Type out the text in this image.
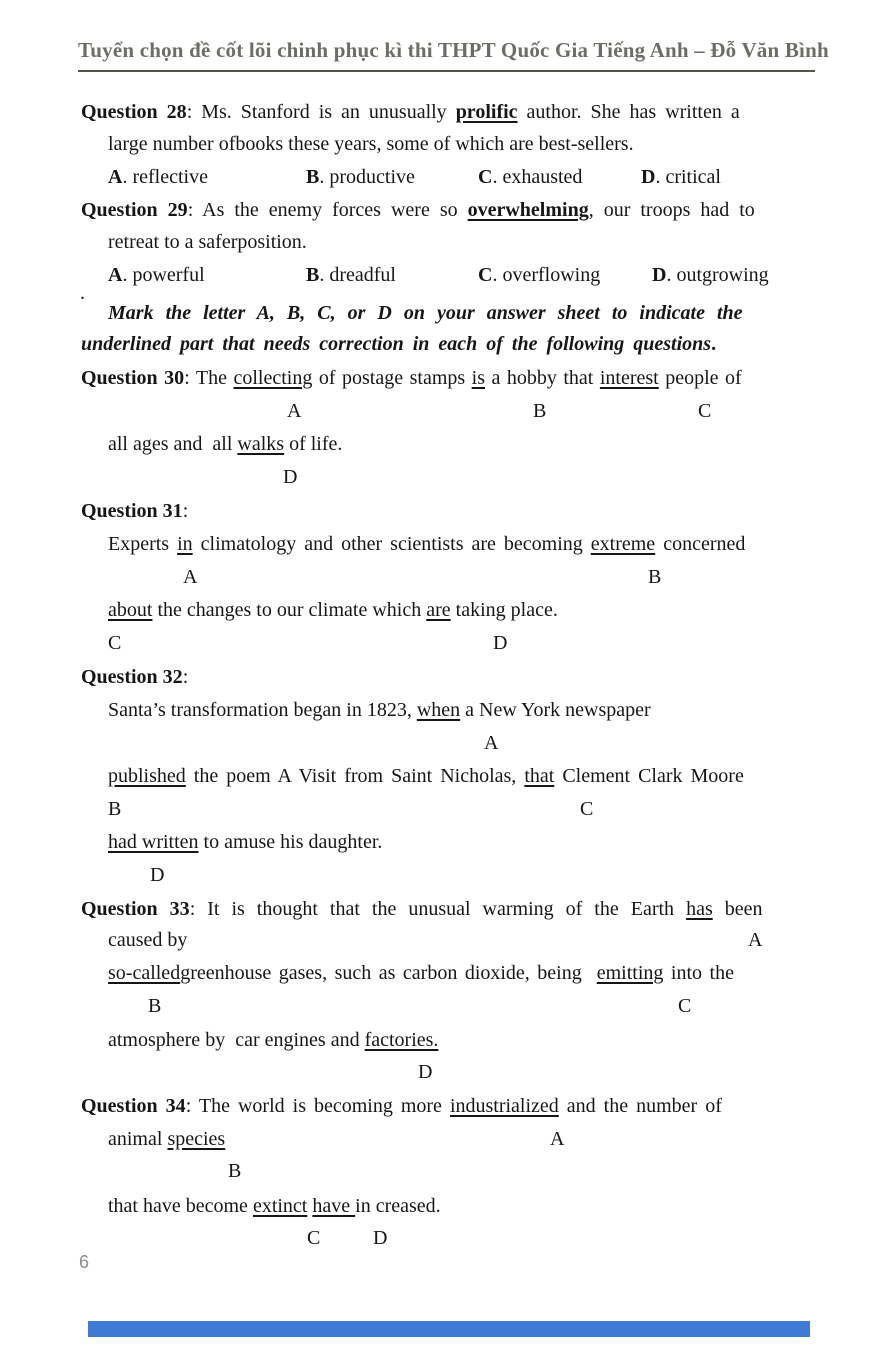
Tuyển chọn đề cốt lõi chinh phục kì thi THPT Quốc Gia Tiếng Anh – Đỗ Văn Bình
Question 28: Ms. Stanford is an unusually prolific author. She has written a
large number ofbooks these years, some of which are best-sellers.
A. reflective	B. productive	C. exhausted	D. critical
Question 29: As the enemy forces were so overwhelming, our troops had to
retreat to a saferposition.
A. powerful	B. dreadful	C. overflowing	D. outgrowing
.
Mark the letter A, B, C, or D on your answer sheet to indicate the
underlined part that needs correction in each of the following questions.
Question 30: The collecting of postage stamps is a hobby that interest people of
A	B	C
all ages and  all walks of life.
D
Question 31:
Experts in climatology and other scientists are becoming extreme concerned
A	B
about the changes to our climate which are taking place.
C	D
Question 32:
Santa’s transformation began in 1823, when a New York newspaper
A
published the poem A Visit from Saint Nicholas, that Clement Clark Moore
B	C
had written to amuse his daughter.
D
Question 33: It is thought that the unusual warming of the Earth has been
caused by	A
so-calledgreenhouse gases, such as carbon dioxide, being  emitting into the
B	C
atmosphere by  car engines and factories.
D
Question 34: The world is becoming more industrialized and the number of
animal species	A
B
that have become extinct have in creased.
C	D
6
